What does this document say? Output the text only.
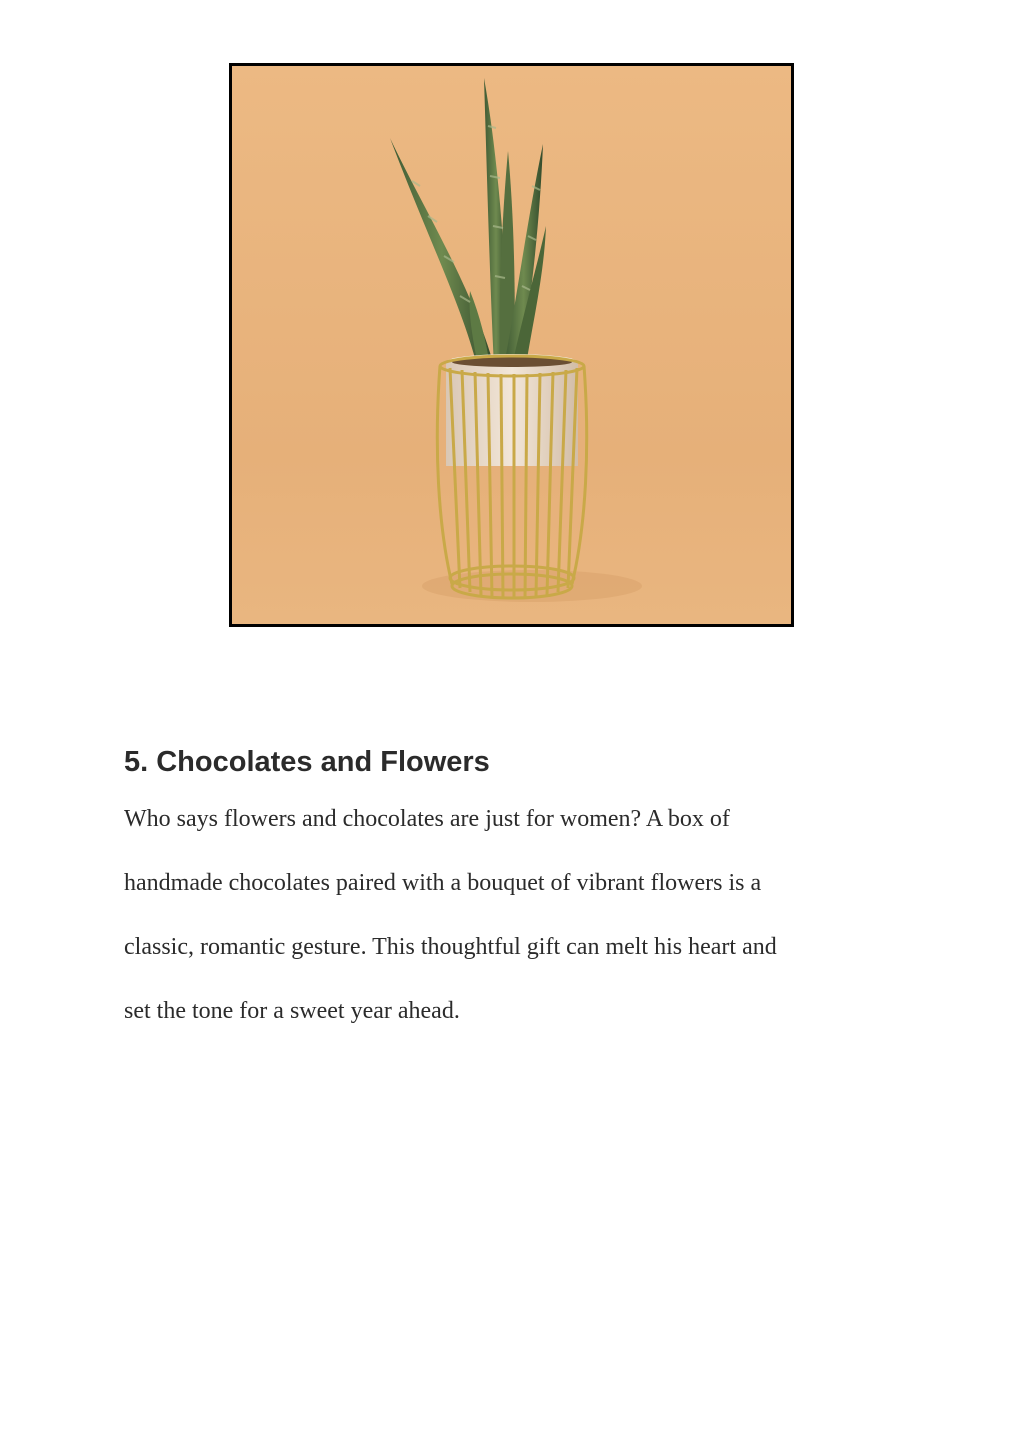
5. Chocolates and Flowers

Who says flowers and chocolates are just for women? A box of
handmade chocolates paired with a bouquet of vibrant flowers is a
classic, romantic gesture. This thoughtful gift can melt his heart and
set the tone for a sweet year ahead.
